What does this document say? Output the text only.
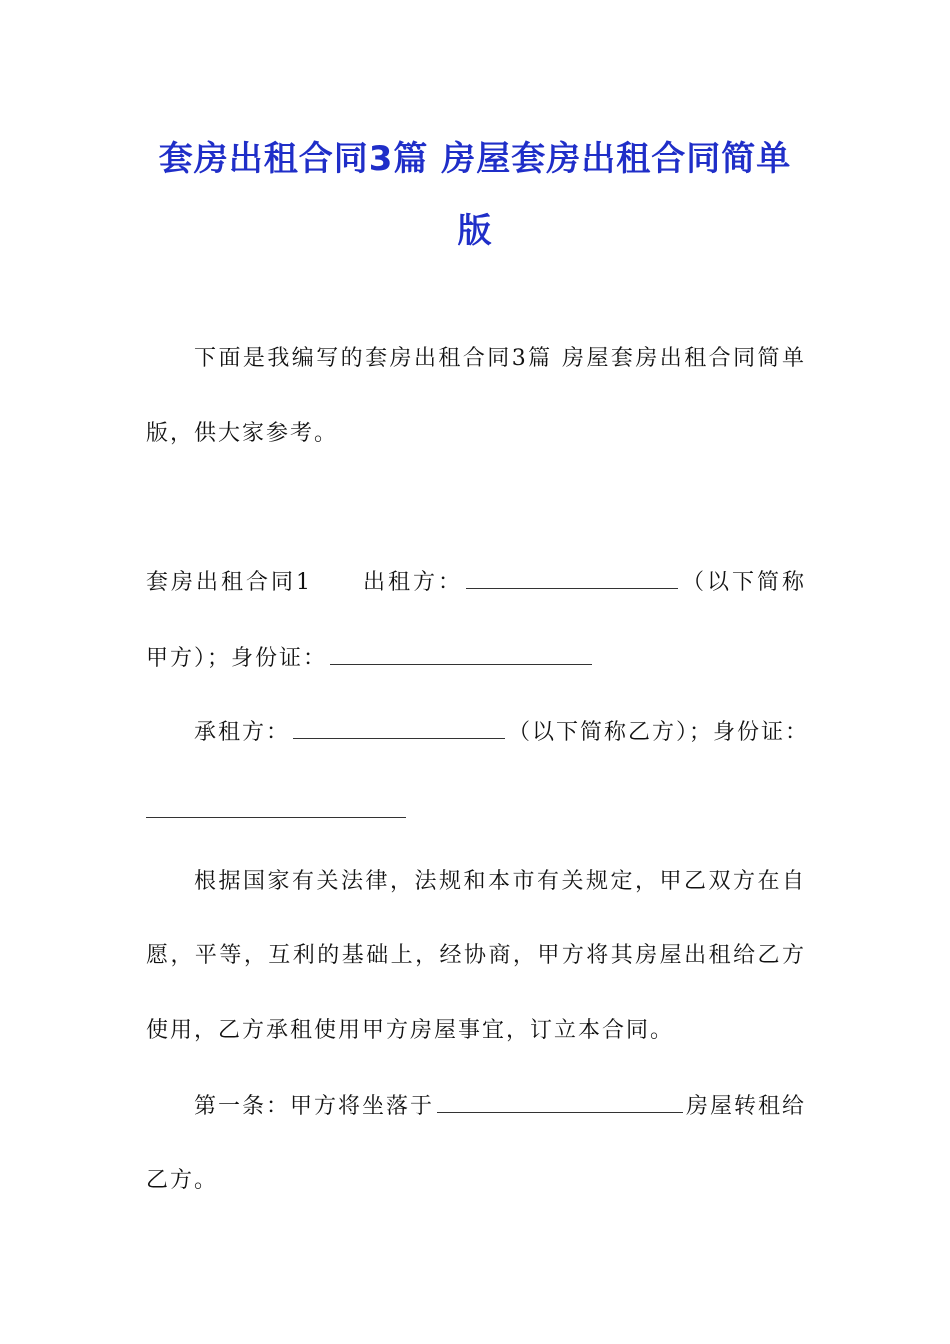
套房出租合同3篇 房屋套房出租合同简单
版
下面是我编写的套房出租合同3篇 房屋套房出租合同简单
版，供大家参考。
套房出租合同1 出租方：	（以下简称
甲方）；身份证：
承租方：	（以下简称乙方）；身份证：
根据国家有关法律，法规和本市有关规定，甲乙双方在自
愿，平等，互利的基础上，经协商，甲方将其房屋出租给乙方
使用，乙方承租使用甲方房屋事宜，订立本合同。
第一条：甲方将坐落于	房屋转租给
乙方。
